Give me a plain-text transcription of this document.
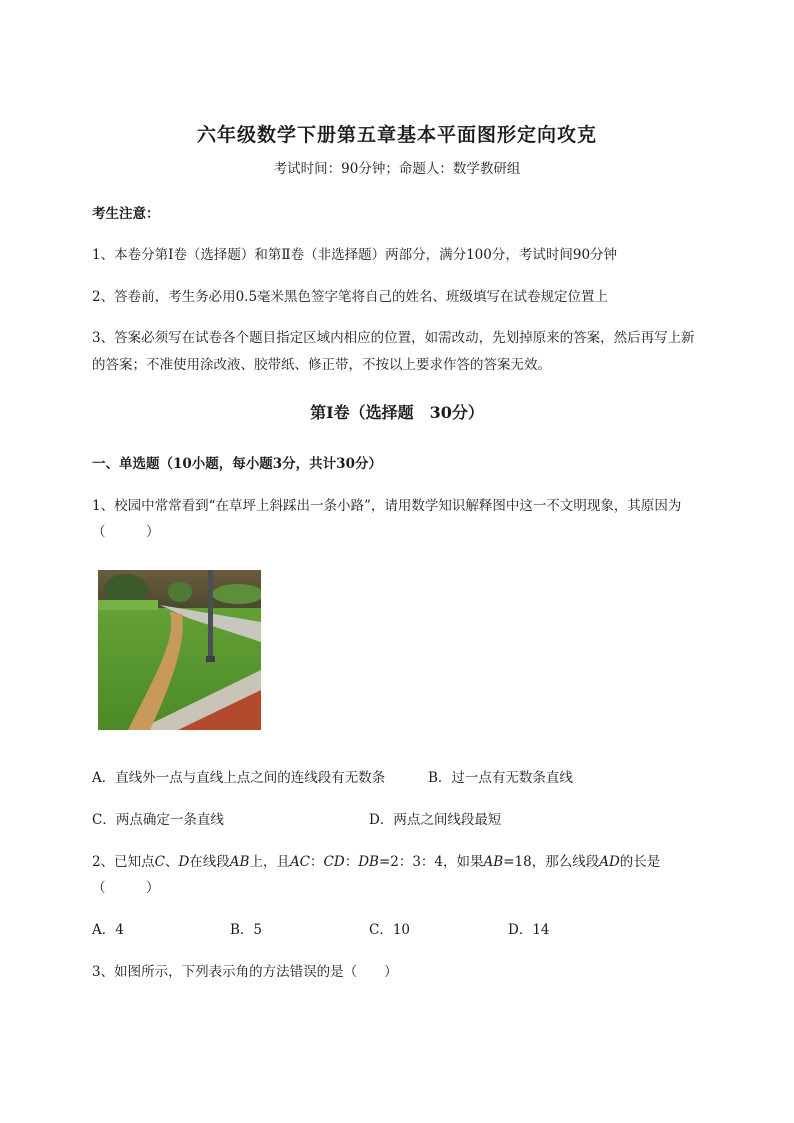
六年级数学下册第五章基本平面图形定向攻克
考试时间：90分钟；命题人：数学教研组
考生注意：
1、本卷分第I卷（选择题）和第Ⅱ卷（非选择题）两部分，满分100分，考试时间90分钟
2、答卷前，考生务必用0.5毫米黑色签字笔将自己的姓名、班级填写在试卷规定位置上
3、答案必须写在试卷各个题目指定区域内相应的位置，如需改动，先划掉原来的答案，然后再写上新
的答案；不准使用涂改液、胶带纸、修正带，不按以上要求作答的答案无效。
第I卷（选择题　30分）
一、单选题（10小题，每小题3分，共计30分）
1、校园中常常看到“在草坪上斜踩出一条小路”，请用数学知识解释图中这一不文明现象，其原因为
（　　　）
A．直线外一点与直线上点之间的连线段有无数条	B．过一点有无数条直线
C．两点确定一条直线	D．两点之间线段最短
2、已知点C、D在线段AB上，且AC：CD：DB=2：3：4，如果AB=18，那么线段AD的长是
（　　　）
A．4	B．5	C．10	D．14
3、如图所示，下列表示角的方法错误的是（　　）
